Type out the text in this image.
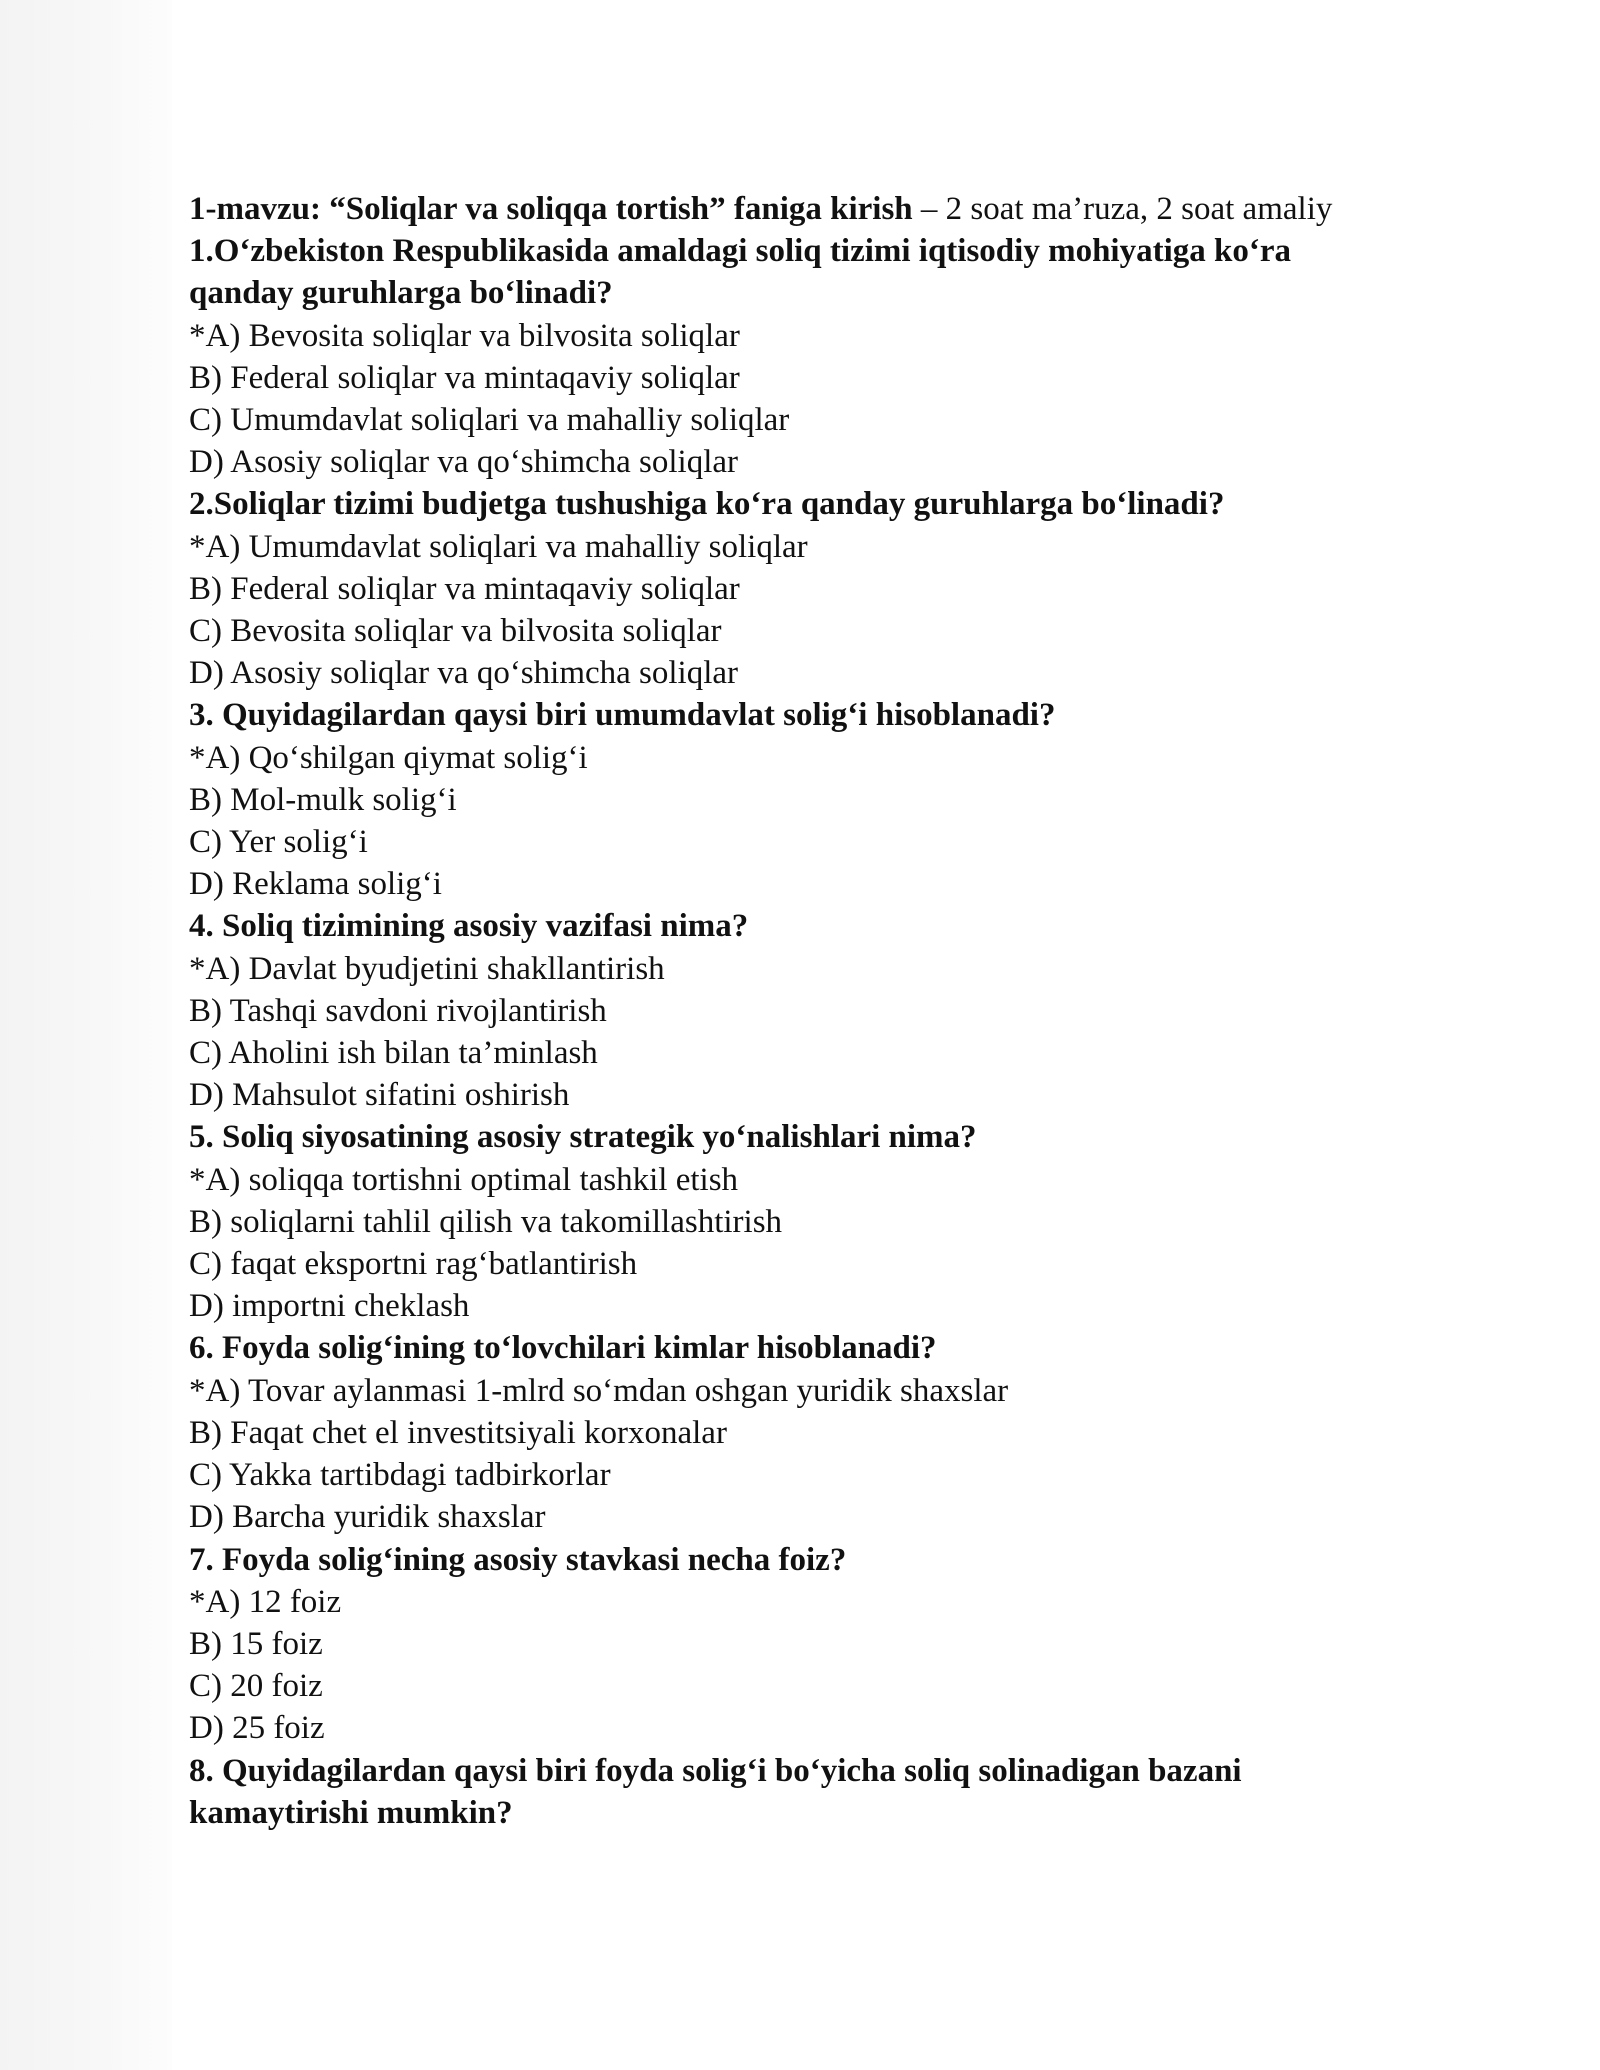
1-mavzu: “Soliqlar va soliqqa tortish” faniga kirish – 2 soat ma’ruza, 2 soat amaliy

1.O‘zbekiston Respublikasida amaldagi soliq tizimi iqtisodiy mohiyatiga ko‘ra qanday guruhlarga bo‘linadi?

*A) Bevosita soliqlar va bilvosita soliqlar

B) Federal soliqlar va mintaqaviy soliqlar

C) Umumdavlat soliqlari va mahalliy soliqlar

D) Asosiy soliqlar va qo‘shimcha soliqlar

2.Soliqlar tizimi budjetga tushushiga ko‘ra qanday guruhlarga bo‘linadi?

*A) Umumdavlat soliqlari va mahalliy soliqlar

B) Federal soliqlar va mintaqaviy soliqlar

C) Bevosita soliqlar va bilvosita soliqlar

D) Asosiy soliqlar va qo‘shimcha soliqlar

3. Quyidagilardan qaysi biri umumdavlat solig‘i hisoblanadi?

*A) Qo‘shilgan qiymat solig‘i

B) Mol-mulk solig‘i

C) Yer solig‘i

D) Reklama solig‘i

4. Soliq tizimining asosiy vazifasi nima?

*A) Davlat byudjetini shakllantirish

B) Tashqi savdoni rivojlantirish

C) Aholini ish bilan ta’minlash

D) Mahsulot sifatini oshirish

5. Soliq siyosatining asosiy strategik yo‘nalishlari nima?

*A) soliqqa tortishni optimal tashkil etish

B) soliqlarni tahlil qilish va takomillashtirish

C) faqat eksportni rag‘batlantirish

D) importni cheklash

6. Foyda solig‘ining to‘lovchilari kimlar hisoblanadi?

*A) Tovar aylanmasi 1-mlrd so‘mdan oshgan yuridik shaxslar

B) Faqat chet el investitsiyali korxonalar

C) Yakka tartibdagi tadbirkorlar

D) Barcha yuridik shaxslar

7. Foyda solig‘ining asosiy stavkasi necha foiz?

*A) 12 foiz

B) 15 foiz

C) 20 foiz

D) 25 foiz

8. Quyidagilardan qaysi biri foyda solig‘i bo‘yicha soliq solinadigan bazani kamaytirishi mumkin?
